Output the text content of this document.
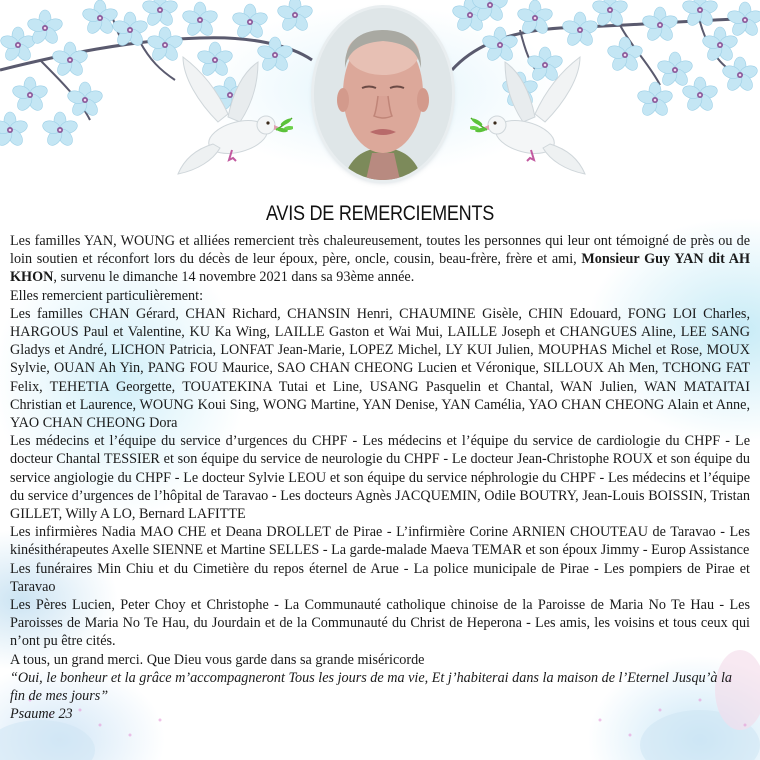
AVIS DE REMERCIEMENTS

Les familles YAN, WOUNG et alliées remercient très chaleureusement, toutes les personnes qui leur ont témoigné de près ou de loin soutien et réconfort lors du décès de leur époux, père, oncle, cousin, beau-frère, frère et ami, Monsieur Guy YAN dit AH KHON, survenu le dimanche 14 novembre 2021 dans sa 93ème année.

Elles remercient particulièrement:

Les familles CHAN Gérard, CHAN Richard, CHANSIN Henri, CHAUMINE Gisèle, CHIN Edouard, FONG LOI Charles, HARGOUS Paul et Valentine, KU Ka Wing, LAILLE Gaston et Wai Mui, LAILLE Joseph et CHANGUES Aline, LEE SANG Gladys et André, LICHON Patricia, LONFAT Jean-Marie, LOPEZ Michel, LY KUI Julien, MOUPHAS Michel et Rose, MOUX Sylvie, OUAN Ah Yin, PANG FOU Maurice, SAO CHAN CHEONG Lucien et Véronique, SILLOUX Ah Men, TCHONG FAT Felix, TEHETIA Georgette, TOUATEKINA Tutai et Line, USANG Pasquelin et Chantal, WAN Julien, WAN MATAITAI Christian et Laurence, WOUNG Koui Sing, WONG Martine, YAN Denise, YAN Camélia, YAO CHAN CHEONG Alain et Anne, YAO CHAN CHEONG Dora

Les médecins et l’équipe du service d’urgences du CHPF - Les médecins et l’équipe du service de cardiologie du CHPF - Le docteur Chantal TESSIER et son équipe du service de neurologie du CHPF - Le docteur Jean-Christophe ROUX et son équipe du service angiologie du CHPF - Le docteur Sylvie LEOU et son équipe du service néphrologie du CHPF - Les médecins et l’équipe du service d’urgences de l’hôpital de Taravao - Les docteurs Agnès JACQUEMIN, Odile BOUTRY, Jean-Louis BOISSIN, Tristan GILLET, Willy A LO, Bernard LAFITTE

Les infirmières Nadia MAO CHE et Deana DROLLET de Pirae - L’infirmière Corine ARNIEN CHOUTEAU de Taravao - Les kinésithérapeutes Axelle SIENNE et Martine SELLES - La garde-malade Maeva TEMAR et son époux Jimmy - Europ Assistance

Les funéraires Min Chiu et du Cimetière du repos éternel de Arue - La police municipale de Pirae - Les pompiers de Pirae et Taravao

Les Pères Lucien, Peter Choy et Christophe - La Communauté catholique chinoise de la Paroisse de Maria No Te Hau - Les Paroisses de Maria No Te Hau, du Jourdain et de la Communauté du Christ de Heperona - Les amis, les voisins et tous ceux qui n’ont pu être cités.

A tous, un grand merci. Que Dieu vous garde dans sa grande miséricorde

“Oui, le bonheur et la grâce m’accompagneront Tous les jours de ma vie, Et j’habiterai dans la maison de l’Eternel Jusqu’à la fin de mes jours”

Psaume 23
